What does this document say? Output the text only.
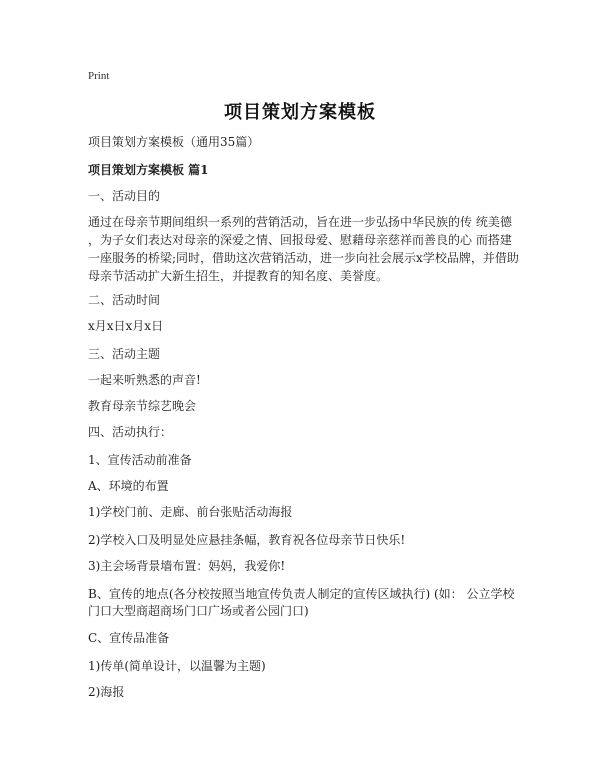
Print
项目策划方案模板
项目策划方案模板（通用35篇）
项目策划方案模板 篇1
一、活动目的
通过在母亲节期间组织一系列的营销活动，旨在进一步弘扬中华民族的传 统美德
，为子女们表达对母亲的深爱之情、回报母爱、慰藉母亲慈祥而善良的心 而搭建
一座服务的桥梁;同时，借助这次营销活动，进一步向社会展示x学校品牌，并借助
母亲节活动扩大新生招生，并提教育的知名度、美誉度。
二、活动时间
x月x日x月x日
三、活动主题
一起来听熟悉的声音!
教育母亲节综艺晚会
四、活动执行：
1、宣传活动前准备
A、环境的布置
1)学校门前、走廊、前台张贴活动海报
2)学校入口及明显处应悬挂条幅，教育祝各位母亲节日快乐!
3)主会场背景墙布置：妈妈，我爱你!
B、宣传的地点(各分校按照当地宣传负责人制定的宣传区域执行) (如： 公立学校
门口大型商超商场门口广场或者公园门口)
C、宣传品准备
1)传单(简单设计，以温馨为主题)
2)海报
